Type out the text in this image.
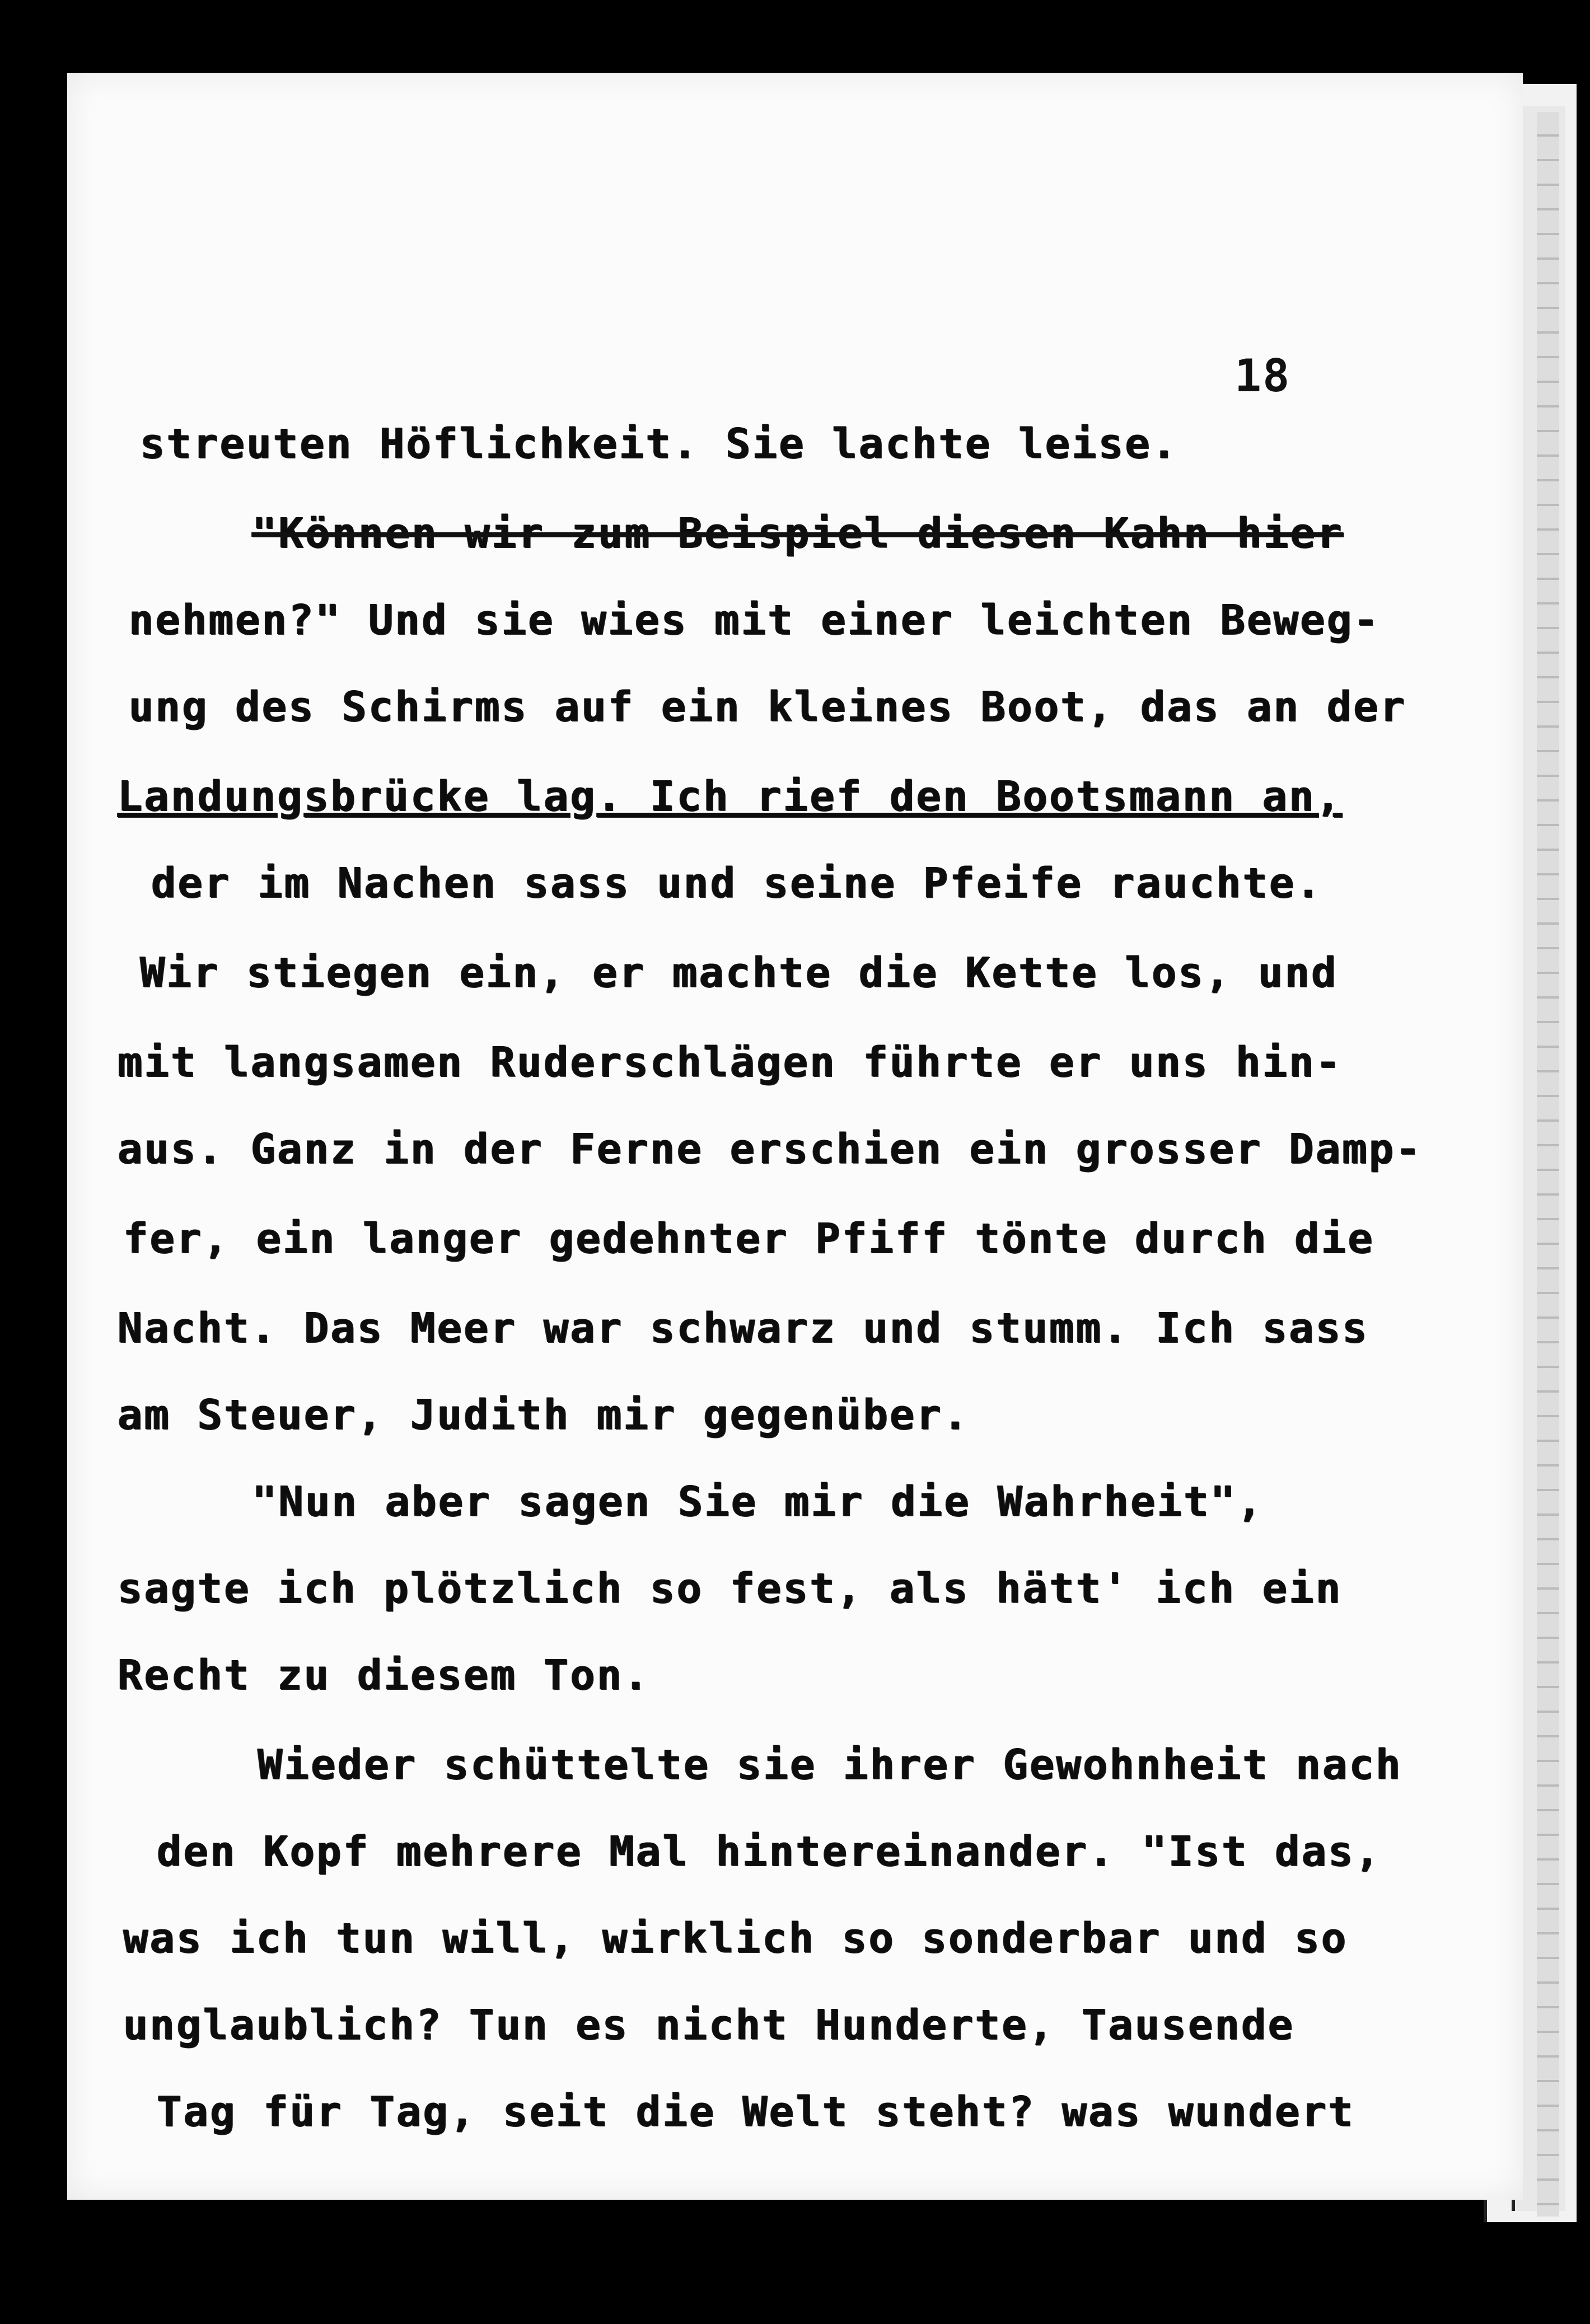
18
streuten Höflichkeit. Sie lachte leise.
"Können wir zum Beispiel diesen Kahn hier
nehmen?" Und sie wies mit einer leichten Beweg-
ung des Schirms auf ein kleines Boot, das an der
Landungsbrücke lag. Ich rief den Bootsmann an,
der im Nachen sass und seine Pfeife rauchte.
Wir stiegen ein, er machte die Kette los, und
mit langsamen Ruderschlägen führte er uns hin-
aus. Ganz in der Ferne erschien ein grosser Damp-
fer, ein langer gedehnter Pfiff tönte durch die
Nacht. Das Meer war schwarz und stumm. Ich sass
am Steuer, Judith mir gegenüber.
"Nun aber sagen Sie mir die Wahrheit",
sagte ich plötzlich so fest, als hätt' ich ein
Recht zu diesem Ton.
Wieder schüttelte sie ihrer Gewohnheit nach
den Kopf mehrere Mal hintereinander. "Ist das,
was ich tun will, wirklich so sonderbar und so
unglaublich? Tun es nicht Hunderte, Tausende
Tag für Tag, seit die Welt steht? was wundert
